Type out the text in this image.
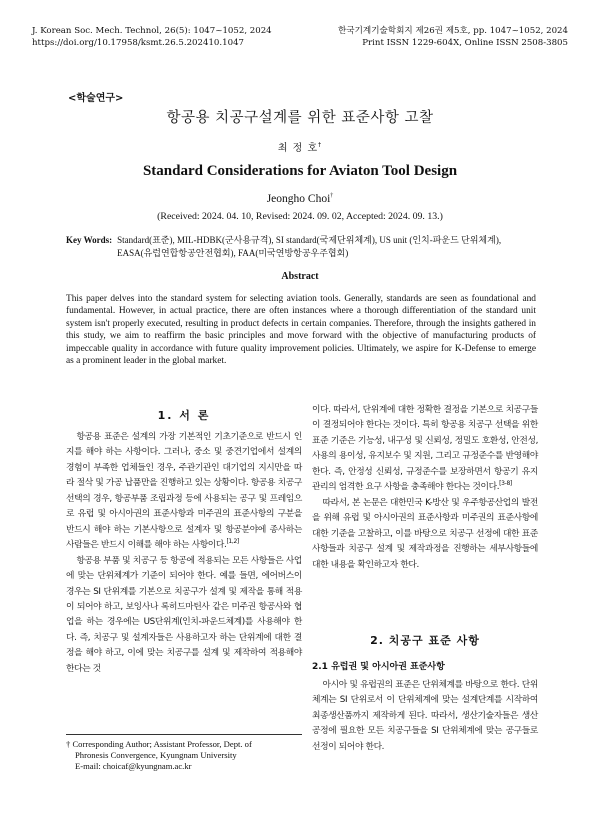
J. Korean Soc. Mech. Technol, 26(5): 1047~1052, 2024
https://doi.org/10.17958/ksmt.26.5.202410.1047
한국기계기술학회지 제26권 제5호, pp. 1047~1052, 2024
Print ISSN 1229-604X, Online ISSN 2508-3805
<학술연구>
항공용 치공구설계를 위한 표준사항 고찰
최 정 호†
Standard Considerations for Aviaton Tool Design
Jeongho Choi†
(Received: 2024. 04. 10, Revised: 2024. 09. 02, Accepted: 2024. 09. 13.)
Key Words: Standard(표준), MIL-HDBK(군사용규격), SI standard(국제단위체계), US unit (인치-파운드 단위체계), EASA(유럽연합항공안전협회), FAA(미국연방항공우주협회)
Abstract
This paper delves into the standard system for selecting aviation tools. Generally, standards are seen as foundational and fundamental. However, in actual practice, there are often instances where a thorough differentiation of the standard unit system isn't properly executed, resulting in product defects in certain companies. Therefore, through the insights gathered in this study, we aim to reaffirm the basic principles and move forward with the objective of manufacturing products of impeccable quality in accordance with future quality improvement policies. Ultimately, we aspire for K-Defense to emerge as a prominent leader in the global market.
1. 서 론

항공용 표준은 설계의 가장 기본적인 기초기준으로 반드시 인지를 해야 하는 사항이다. 그러나, 중소 및 중견기업에서 설계의 경험이 부족한 업체들인 경우, 주관기관인 대기업의 지시만을 따라 절삭 및 가공 납품만을 진행하고 있는 상황이다. 항공용 치공구 선택의 경우, 항공부품 조립과정 등에 사용되는 공구 및 프레임으로 유럽 및 아시아권의 표준사항과 미주권의 표준사항의 구분을 반드시 해야 하는 기본사항으로 설계자 및 항공분야에 종사하는 사람들은 반드시 이해를 해야 하는 사항이다.[1,2]

항공용 부품 및 치공구 등 항공에 적용되는 모든 사항들은 사업에 맞는 단위체계가 기준이 되어야 한다. 예를 들면, 에어버스이 경우는 SI 단위계를 기본으로 치공구가 설계 및 제작을 통해 적용이 되어야 하고, 보잉사나 록히드마틴사 같은 미주권 항공사와 협업을 하는 경우에는 US단위계(인치-파운드체계)를 사용해야 한다. 즉, 치공구 및 설계자들은 사용하고자 하는 단위계에 대한 결정을 해야 하고, 이에 맞는 치공구를 설계 및 제작하여 적용해야 한다는 것

† Corresponding Author; Assistant Professor, Dept. of
Phronesis Convergence, Kyungnam University
E-mail: choicaf@kyungnam.ac.kr

이다. 따라서, 단위계에 대한 정확한 결정을 기본으로 치공구들이 결정되어야 한다는 것이다. 특히 항공용 치공구 선택을 위한 표준 기준은 기능성, 내구성 및 신뢰성, 정밀도 호환성, 안전성, 사용의 용이성, 유지보수 및 지원, 그리고 규정준수를 반영해야 한다. 즉, 안정성 신뢰성, 규정준수를 보장하면서 항공기 유지 관리의 엄격한 요구 사항을 충족해야 한다는 것이다.[3-8]

따라서, 본 논문은 대한민국 K-방산 및 우주항공산업의 발전을 위해 유럽 및 아시아권의 표준사항과 미주권의 표준사항에 대한 기준을 고찰하고, 이를 바탕으로 치공구 선정에 대한 표준사항들과 치공구 설계 및 제작과정을 진행하는 세부사항들에 대한 내용을 확인하고자 한다.

2. 치공구 표준 사항
2.1 유럽권 및 아시아권 표준사항

아시아 및 유럽권의 표준은 단위체계를 바탕으로 한다. 단위체계는 SI 단위로서 이 단위체계에 맞는 설계단계를 시작하여 최종생산품까지 제작하게 된다. 따라서, 생산기술자들은 생산공정에 필요한 모든 치공구들을 SI 단위체계에 맞는 공구들로 선정이 되어야 한다.
